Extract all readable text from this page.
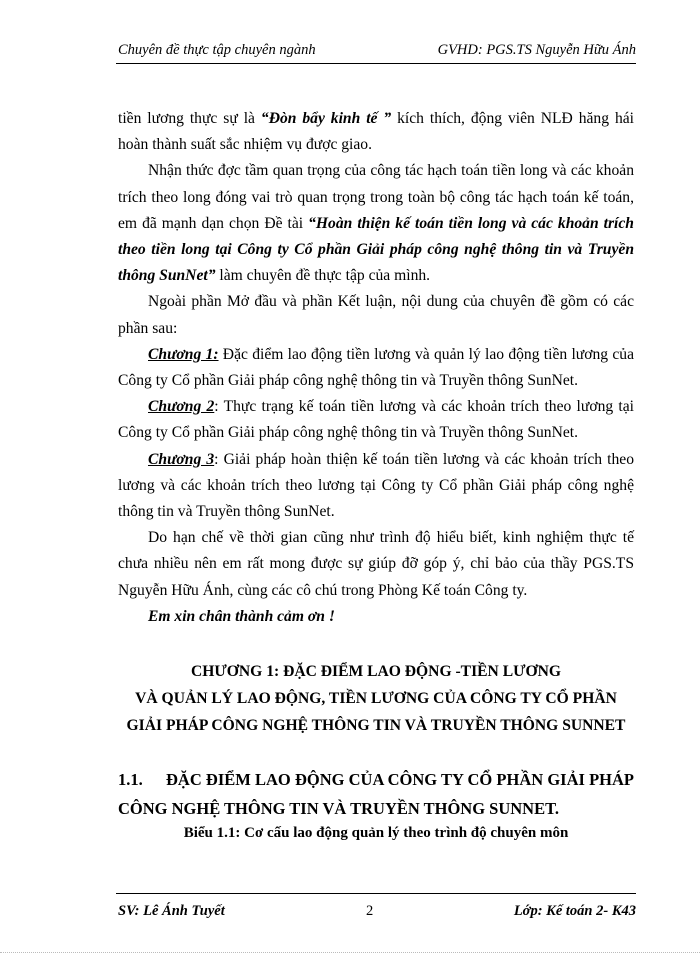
Chuyên đề thực tập chuyên ngành	GVHD: PGS.TS Nguyễn Hữu Ánh

tiền lương thực sự là “Đòn bẩy kinh tế ” kích thích, động viên NLĐ hăng hái hoàn thành suất sắc nhiệm vụ được giao.

Nhận thức đợc tầm quan trọng của công tác hạch toán tiền long và các khoản trích theo long đóng vai trò quan trọng trong toàn bộ công tác hạch toán kế toán, em đã mạnh dạn chọn Đề tài “Hoàn thiện kế toán tiền long và các khoản trích theo tiền long tại Công ty Cổ phần Giải pháp công nghệ thông tin và Truyền thông SunNet” làm chuyên đề thực tập của mình.

Ngoài phần Mở đầu và phần Kết luận, nội dung của chuyên đề gồm có các phần sau:

Chương 1: Đặc điểm lao động tiền lương và quản lý lao động tiền lương của Công ty Cổ phần Giải pháp công nghệ thông tin và Truyền thông SunNet.

Chương 2: Thực trạng kế toán tiền lương và các khoản trích theo lương tại Công ty Cổ phần Giải pháp công nghệ thông tin và Truyền thông SunNet.

Chương 3: Giải pháp hoàn thiện kế toán tiền lương và các khoản trích theo lương và các khoản trích theo lương tại Công ty Cổ phần Giải pháp công nghệ thông tin và Truyền thông SunNet.

Do hạn chế về thời gian cũng như trình độ hiểu biết, kinh nghiệm thực tế chưa nhiều nên em rất mong được sự giúp đỡ góp ý, chỉ bảo của thầy PGS.TS Nguyễn Hữu Ánh, cùng các cô chú trong Phòng Kế toán Công ty.

Em xin chân thành cảm ơn !

CHƯƠNG 1: ĐẶC ĐIỂM LAO ĐỘNG -TIỀN LƯƠNG
VÀ QUẢN LÝ LAO ĐỘNG, TIỀN LƯƠNG CỦA CÔNG TY CỔ PHẦN
GIẢI PHÁP CÔNG NGHỆ THÔNG TIN VÀ TRUYỀN THÔNG SUNNET
1.1. ĐẶC ĐIỂM LAO ĐỘNG CỦA CÔNG TY CỔ PHẦN GIẢI PHÁP CÔNG NGHỆ THÔNG TIN VÀ TRUYỀN THÔNG SUNNET.
Biểu 1.1: Cơ cấu lao động quản lý theo trình độ chuyên môn
SV: Lê Ánh Tuyết	2	Lớp: Kế toán 2- K43
